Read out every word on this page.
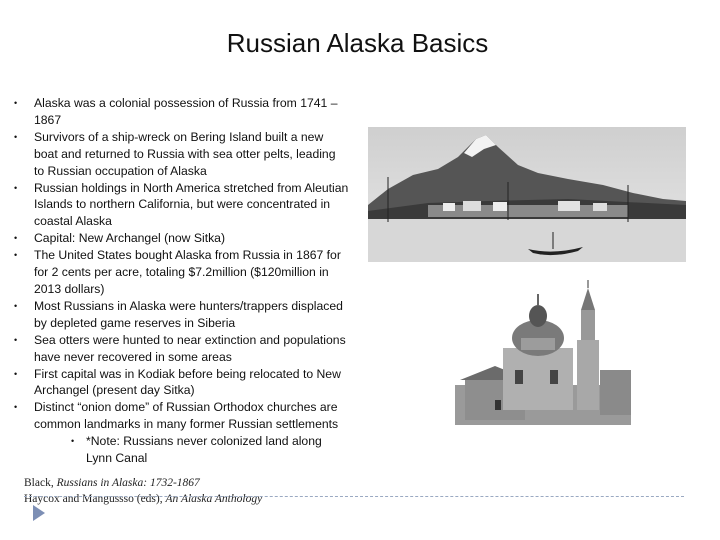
Russian Alaska Basics
• Alaska was a colonial possession of Russia from 1741 – 1867
• Survivors of a ship-wreck on Bering Island built a new boat and returned to Russia with sea otter pelts, leading to Russian occupation of Alaska
• Russian holdings in North America stretched from Aleutian Islands to northern California, but were concentrated in coastal Alaska
• Capital: New Archangel (now Sitka)
• The United States bought Alaska from Russia in 1867 for for 2 cents per acre, totaling $7.2million ($120million in 2013 dollars)
• Most Russians in Alaska were hunters/trappers displaced by depleted game reserves in Siberia
• Sea otters were hunted to near extinction and populations have never recovered in some areas
• First capital was in Kodiak before being relocated to New Archangel (present day Sitka)
• Distinct “onion dome” of Russian Orthodox churches are common landmarks in many former Russian settlements
• *Note: Russians never colonized land along Lynn Canal
Black, Russians in Alaska: 1732-1867
Haycox and Mangussso (eds), An Alaska Anthology
